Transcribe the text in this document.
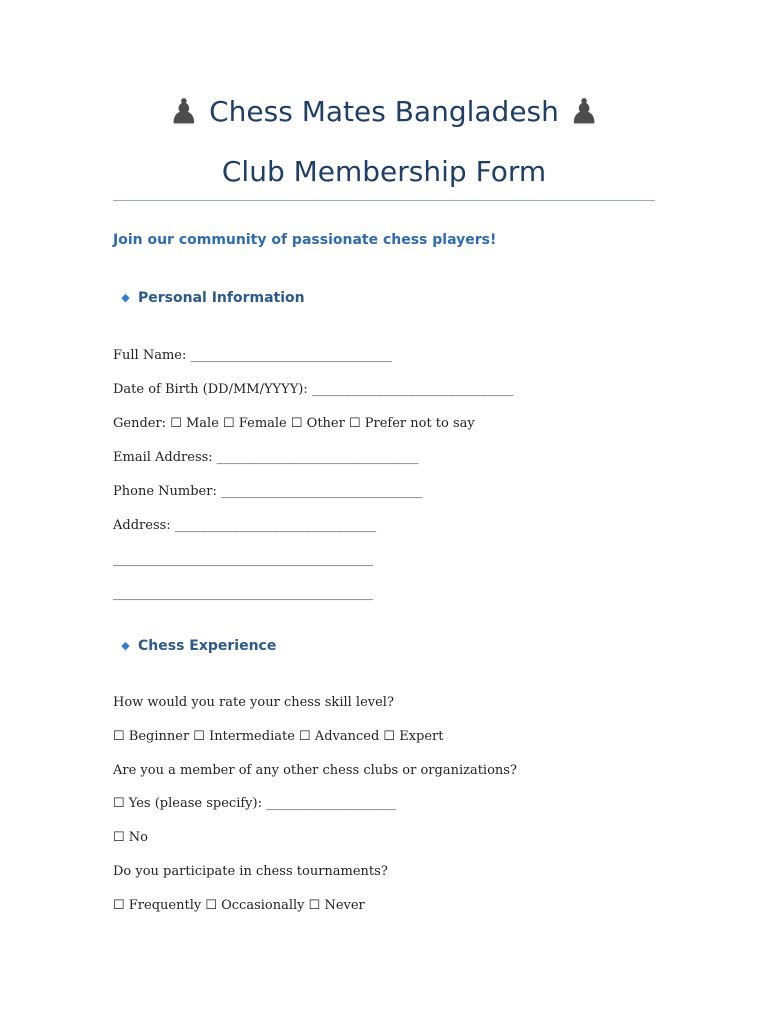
♟ Chess Mates Bangladesh ♟
Club Membership Form
Join our community of passionate chess players!
◆ Personal Information
Full Name: _______________________________
Date of Birth (DD/MM/YYYY): _______________________________
Gender: ☐ Male ☐ Female ☐ Other ☐ Prefer not to say
Email Address: _______________________________
Phone Number: _______________________________
Address: _______________________________
________________________________________
________________________________________
◆ Chess Experience
How would you rate your chess skill level?
☐ Beginner ☐ Intermediate ☐ Advanced ☐ Expert
Are you a member of any other chess clubs or organizations?
☐ Yes (please specify): ____________________
☐ No
Do you participate in chess tournaments?
☐ Frequently ☐ Occasionally ☐ Never
